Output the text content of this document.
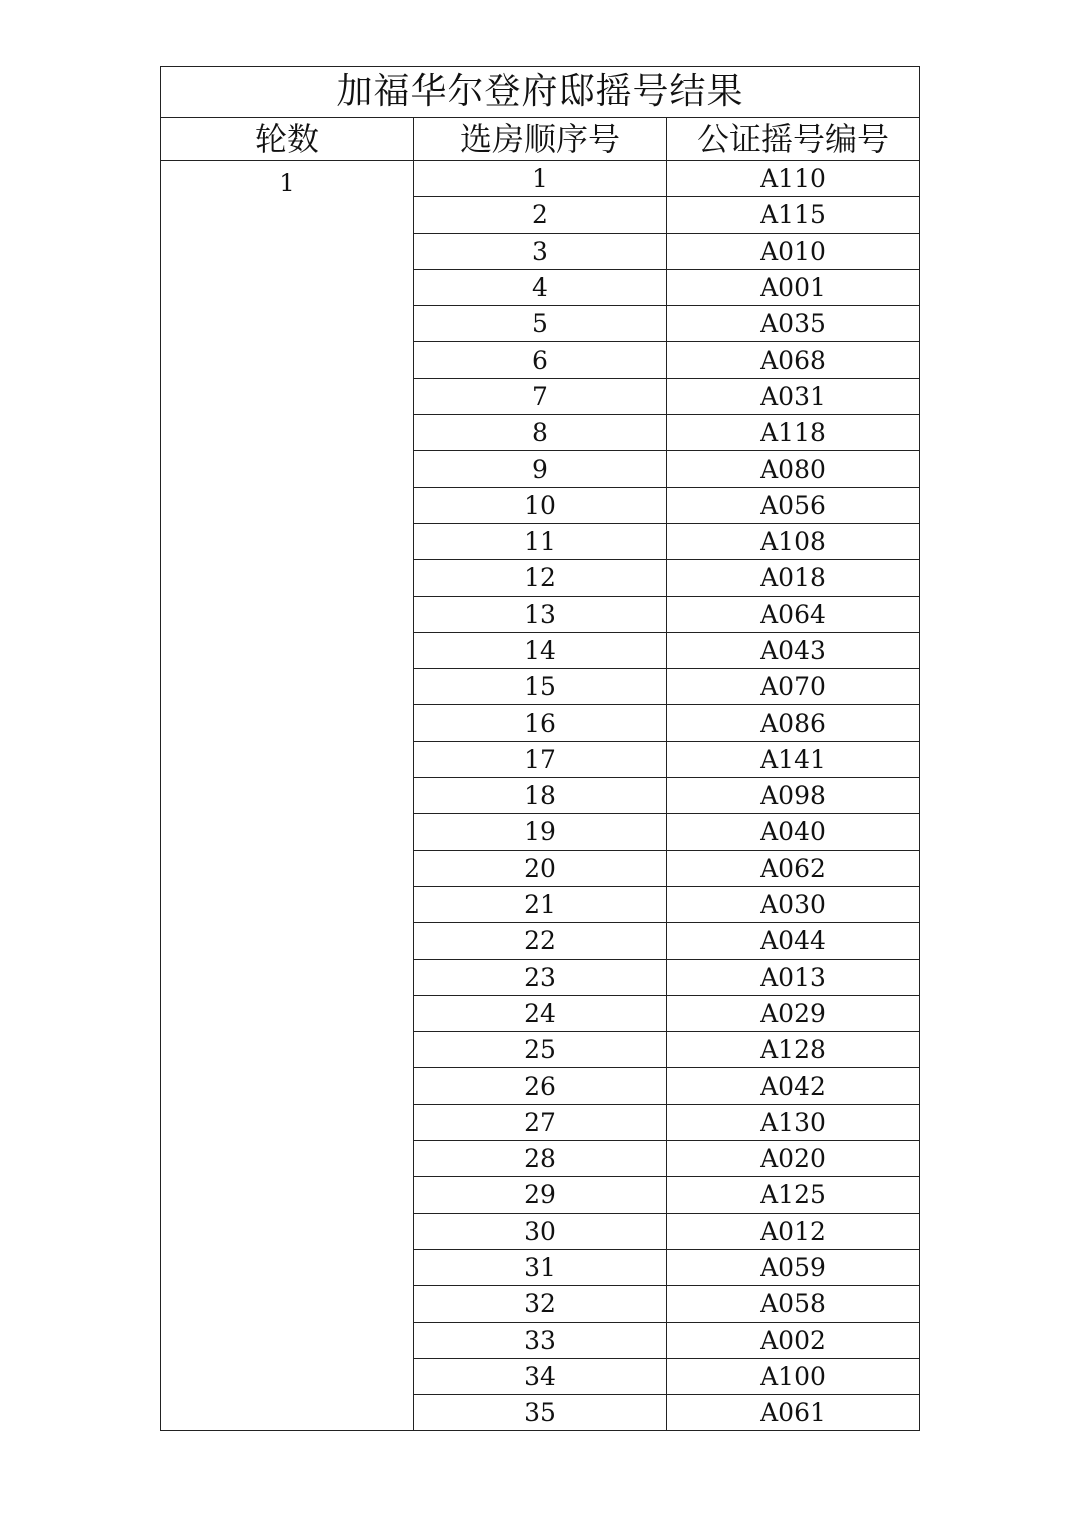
加福华尔登府邸摇号结果		
轮数	选房顺序号	公证摇号编号
1	1	A110
	2	A115
	3	A010
	4	A001
	5	A035
	6	A068
	7	A031
	8	A118
	9	A080
	10	A056
	11	A108
	12	A018
	13	A064
	14	A043
	15	A070
	16	A086
	17	A141
	18	A098
	19	A040
	20	A062
	21	A030
	22	A044
	23	A013
	24	A029
	25	A128
	26	A042
	27	A130
	28	A020
	29	A125
	30	A012
	31	A059
	32	A058
	33	A002
	34	A100
	35	A061
